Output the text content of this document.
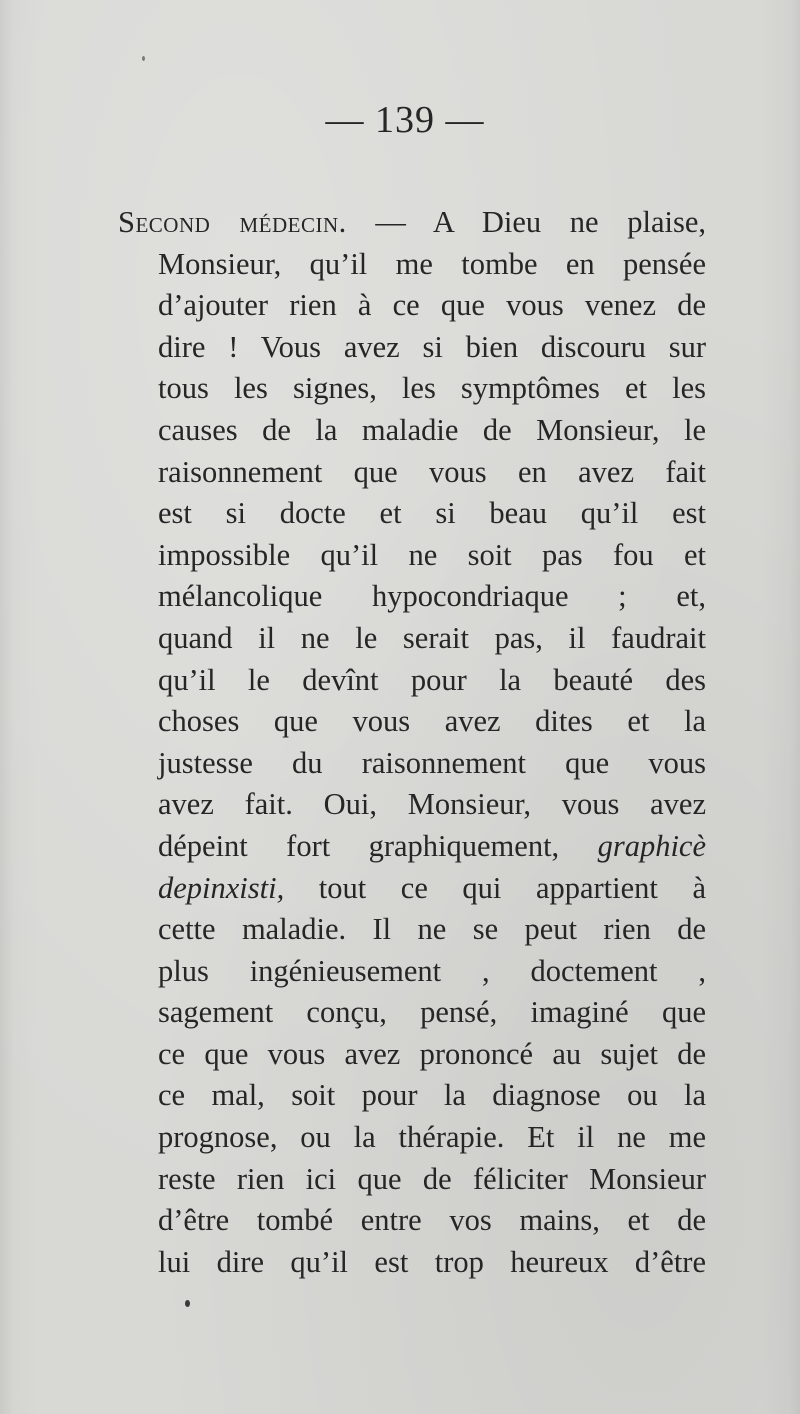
— 139 —
Second médecin. — A Dieu ne plaise,
Monsieur, qu’il me tombe en pensée
d’ajouter rien à ce que vous venez de
dire ! Vous avez si bien discouru sur
tous les signes, les symptômes et les
causes de la maladie de Monsieur, le
raisonnement que vous en avez fait
est si docte et si beau qu’il est
impossible qu’il ne soit pas fou et
mélancolique hypocondriaque ; et,
quand il ne le serait pas, il faudrait
qu’il le devînt pour la beauté des
choses que vous avez dites et la
justesse du raisonnement que vous
avez fait. Oui, Monsieur, vous avez
dépeint fort graphiquement, graphicè
depinxisti, tout ce qui appartient à
cette maladie. Il ne se peut rien de
plus ingénieusement , doctement ,
sagement conçu, pensé, imaginé que
ce que vous avez prononcé au sujet de
ce mal, soit pour la diagnose ou la
prognose, ou la thérapie. Et il ne me
reste rien ici que de féliciter Monsieur
d’être tombé entre vos mains, et de
lui dire qu’il est trop heureux d’être
